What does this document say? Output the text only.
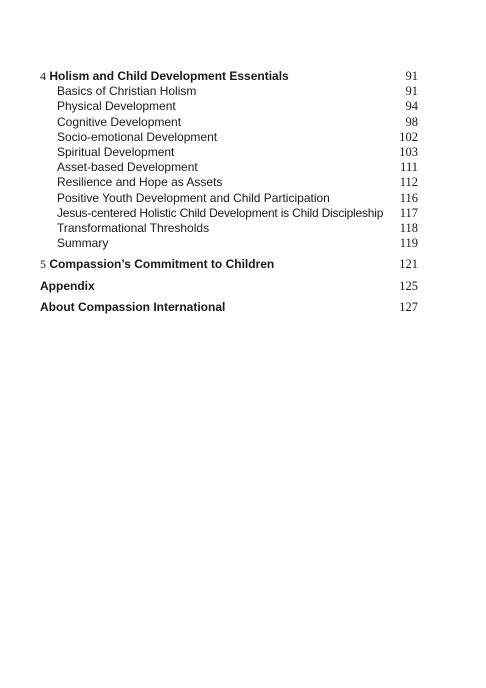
4 Holism and Child Development Essentials	91
Basics of Christian Holism	91
Physical Development	94
Cognitive Development	98
Socio-emotional Development	102
Spiritual Development	103
Asset-based Development	111
Resilience and Hope as Assets	112
Positive Youth Development and Child Participation	116
Jesus-centered Holistic Child Development is Child Discipleship 117
Transformational Thresholds	118
Summary	119
5 Compassion’s Commitment to Children	121
Appendix	125
About Compassion International	127
